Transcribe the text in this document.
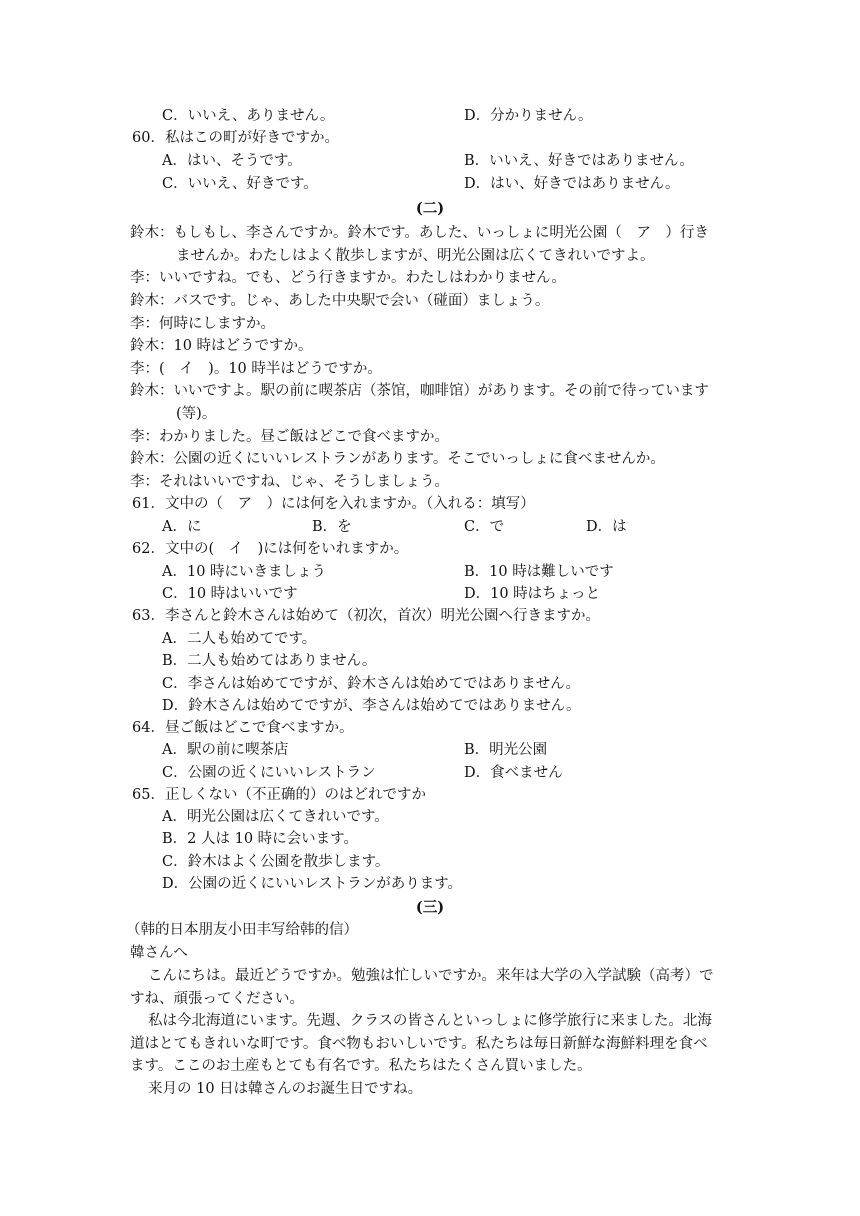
C．いいえ、ありません。	D．分かりません。
60．私はこの町が好きですか。
A．はい、そうです。	B．いいえ、好きではありません。
C．いいえ、好きです。	D．はい、好きではありません。
(二)
鈴木：もしもし、李さんですか。鈴木です。あした、いっしょに明光公園（　ア　）行き
ませんか。わたしはよく散歩しますが、明光公園は広くてきれいですよ。
李：いいですね。でも、どう行きますか。わたしはわかりません。
鈴木：バスです。じゃ、あした中央駅で会い（碰面）ましょう。
李：何時にしますか。
鈴木：10 時はどうですか。
李：(　イ　)。10 時半はどうですか。
鈴木：いいですよ。駅の前に喫茶店（茶馆，咖啡馆）があります。その前で待っています
(等)。
李：わかりました。昼ご飯はどこで食べますか。
鈴木：公園の近くにいいレストランがあります。そこでいっしょに食べませんか。
李：それはいいですね、じゃ、そうしましょう。
61．文中の（　ア　）には何を入れますか。（入れる：填写）
A．に	B．を	C．で	D．は
62．文中の(　イ　)には何をいれますか。
A．10 時にいきましょう	B．10 時は難しいです
C．10 時はいいです	D．10 時はちょっと
63．李さんと鈴木さんは始めて（初次，首次）明光公園へ行きますか。
A．二人も始めてです。
B．二人も始めてはありません。
C．李さんは始めてですが、鈴木さんは始めてではありません。
D．鈴木さんは始めてですが、李さんは始めてではありません。
64．昼ご飯はどこで食べますか。
A．駅の前に喫茶店	B．明光公園
C．公園の近くにいいレストラン	D．食べません
65．正しくない（不正确的）のはどれですか
A．明光公園は広くてきれいです。
B．2 人は 10 時に会います。
C．鈴木はよく公園を散歩します。
D．公園の近くにいいレストランがあります。
(三)
（韩的日本朋友小田丰写给韩的信）
韓さんへ
こんにちは。最近どうですか。勉強は忙しいですか。来年は大学の入学試験（高考）で
すね、頑張ってください。
私は今北海道にいます。先週、クラスの皆さんといっしょに修学旅行に来ました。北海
道はとてもきれいな町です。食べ物もおいしいです。私たちは毎日新鮮な海鮮料理を食べ
ます。ここのお土産もとても有名です。私たちはたくさん買いました。
来月の 10 日は韓さんのお誕生日ですね。
